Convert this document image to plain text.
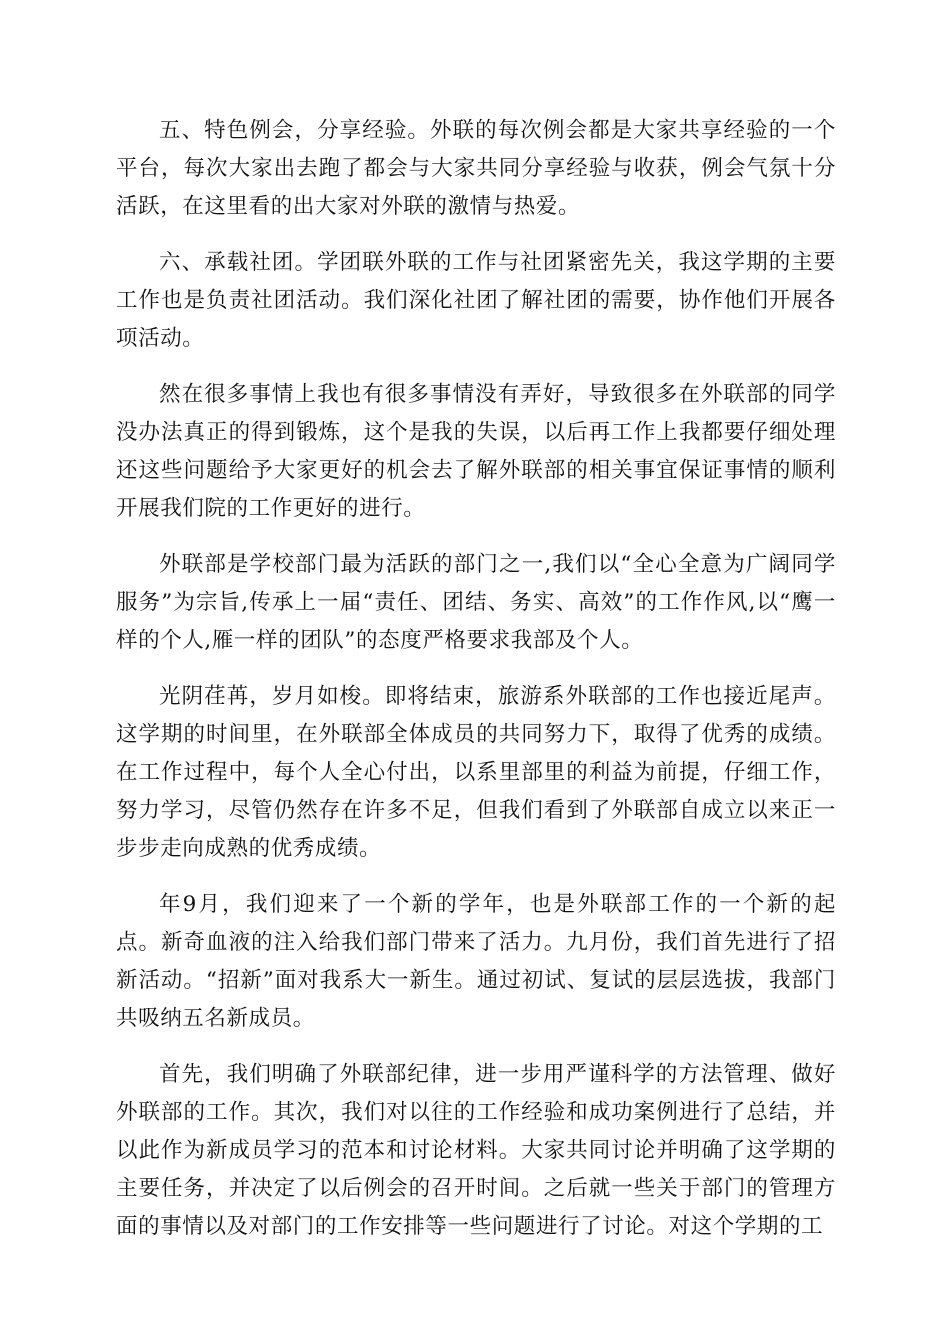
五、特色例会，分享经验。外联的每次例会都是大家共享经验的一个平台，每次大家出去跑了都会与大家共同分享经验与收获，例会气氛十分活跃，在这里看的出大家对外联的激情与热爱。

六、承载社团。学团联外联的工作与社团紧密先关，我这学期的主要工作也是负责社团活动。我们深化社团了解社团的需要，协作他们开展各项活动。

然在很多事情上我也有很多事情没有弄好，导致很多在外联部的同学没办法真正的得到锻炼，这个是我的失误，以后再工作上我都要仔细处理还这些问题给予大家更好的机会去了解外联部的相关事宜保证事情的顺利开展我们院的工作更好的进行。

外联部是学校部门最为活跃的部门之一,我们以“全心全意为广阔同学服务”为宗旨,传承上一届“责任、团结、务实、高效”的工作作风,以“鹰一样的个人,雁一样的团队”的态度严格要求我部及个人。

光阴荏苒，岁月如梭。即将结束，旅游系外联部的工作也接近尾声。这学期的时间里，在外联部全体成员的共同努力下，取得了优秀的成绩。在工作过程中，每个人全心付出，以系里部里的利益为前提，仔细工作，努力学习，尽管仍然存在许多不足，但我们看到了外联部自成立以来正一步步走向成熟的优秀成绩。

年9月，我们迎来了一个新的学年，也是外联部工作的一个新的起点。新奇血液的注入给我们部门带来了活力。九月份，我们首先进行了招新活动。“招新”面对我系大一新生。通过初试、复试的层层选拔，我部门共吸纳五名新成员。

首先，我们明确了外联部纪律，进一步用严谨科学的方法管理、做好外联部的工作。其次，我们对以往的工作经验和成功案例进行了总结，并以此作为新成员学习的范本和讨论材料。大家共同讨论并明确了这学期的主要任务，并决定了以后例会的召开时间。之后就一些关于部门的管理方面的事情以及对部门的工作安排等一些问题进行了讨论。对这个学期的工
